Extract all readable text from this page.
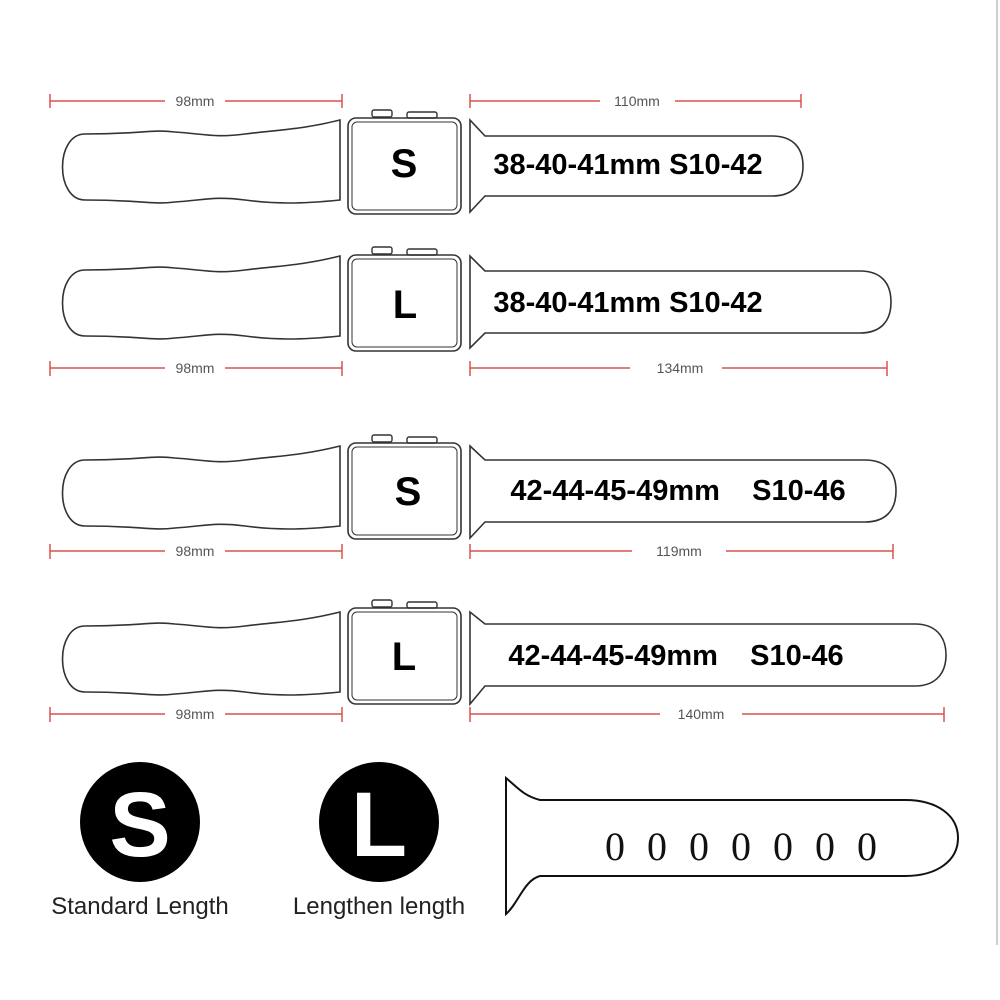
98mm	110mm
S	38-40-41mm S10-42
L	38-40-41mm S10-42
98mm	134mm
S	42-44-45-49mm    S10-46
98mm	119mm
L	42-44-45-49mm    S10-46
98mm	140mm
S
Standard Length
L
Lengthen length
0 0 0 0 0 0 0
